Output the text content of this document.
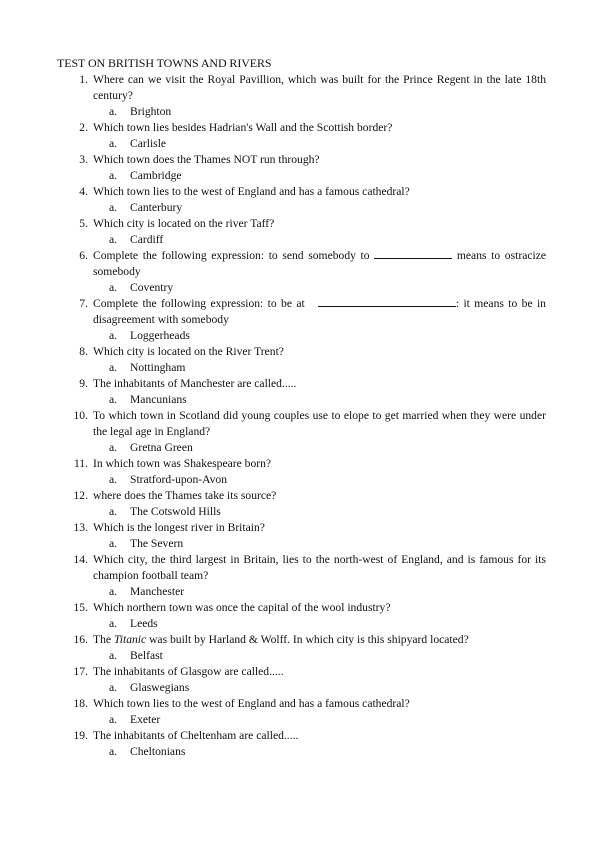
TEST ON BRITISH TOWNS AND RIVERS
1. Where can we visit the Royal Pavillion, which was built for the Prince Regent in the late 18th century?
a.	Brighton
2. Which town lies besides Hadrian's Wall and the Scottish border?
a.	Carlisle
3. Which town does the Thames NOT run through?
a.	Cambridge
4. Which town lies to the west of England and has a famous cathedral?
a.	Canterbury
5. Which city is located on the river Taff?
a.	Cardiff
6. Complete the following expression: to send somebody to	means to ostracize somebody
a.	Coventry
7. Complete the following expression: to be at	: it means to be in disagreement with somebody
a.	Loggerheads
8. Which city is located on the River Trent?
a.	Nottingham
9. The inhabitants of Manchester are called.....
a.	Mancunians
10. To which town in Scotland did young couples use to elope to get married when they were under the legal age in England?
a.	Gretna Green
11. In which town was Shakespeare born?
a.	Stratford-upon-Avon
12. where does the Thames take its source?
a.	The Cotswold Hills
13. Which is the longest river in Britain?
a.	The Severn
14. Which city, the third largest in Britain, lies to the north-west of England, and is famous for its champion football team?
a.	Manchester
15. Which northern town was once the capital of the wool industry?
a.	Leeds
16. The Titanic was built by Harland & Wolff. In which city is this shipyard located?
a.	Belfast
17. The inhabitants of Glasgow are called.....
a.	Glaswegians
18. Which town lies to the west of England and has a famous cathedral?
a.	Exeter
19. The inhabitants of Cheltenham are called.....
a.	Cheltonians
